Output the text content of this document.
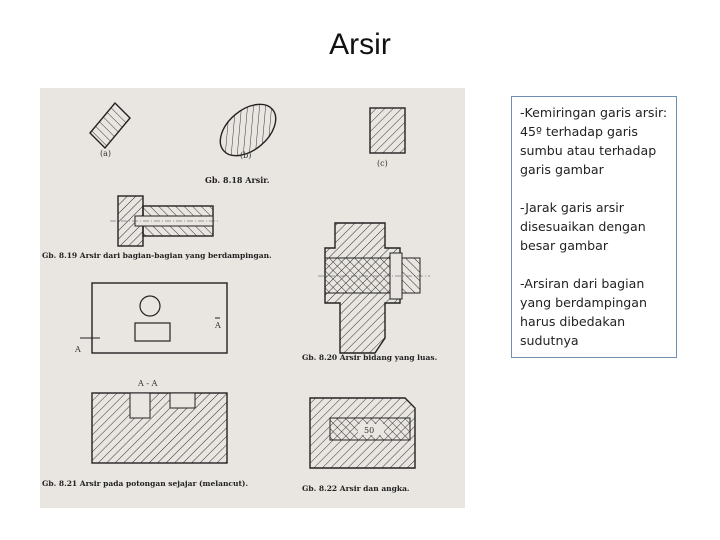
Arsir
(a)	(b)
(c)
Gb. 8.18 Arsir.
Gb. 8.19 Arsir dari bagian-bagian yang berdampingan.
Gb. 8.20 Arsir bidang yang luas.
A
A
A - A
Gb. 8.21 Arsir pada potongan sejajar (melancut).
50
Gb. 8.22 Arsir dan angka.

-Kemiringan garis arsir: 45º terhadap garis sumbu atau terhadap garis gambar

-Jarak garis arsir disesuaikan dengan besar gambar

-Arsiran dari bagian yang berdampingan harus dibedakan sudutnya
